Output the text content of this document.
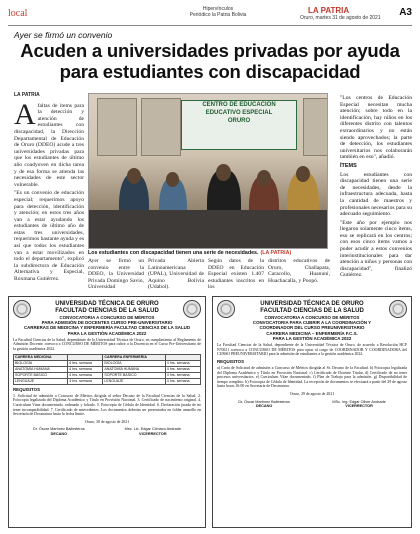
local	Hipervínculos
Periódico la Patria Bolivia	LA PATRIA
Oruro, martes 31 de agosto de 2021 A3
Ayer se firmó un convenio
Acuden a universidades privadas por ayuda para estudiantes con discapacidad
LA PATRIA

Afaltas de items para la detección y atención de estudiantes con discapacidad, la Dirección Departamental de Educación de Oruro (DDEO) acude a tres universidades privadas para que los estudiantes de último año coadyuven en dicha tarea y de esa forma se atienda las necesidades de este sector vulnerable.

"Es un convenio de educación especial; requerimos apoyo para detección, identificación y atención; en estos tres años van a estar ayudando los estudiantes de último año de estas tres universidades, requerimos bastante ayuda y es así que todos los estudiantes van a estar movilizados en todo el departamento", explicó la subdirectora de Educación Alternativa y Especial, Roxmana Gutiérrez.

CENTRO DE EDUCACIÓN
EDUCATIVO ESPECIAL
ORURO
Los estudiantes con discapacidad tienen una serie de necesidades. (LA PATRIA)

Ayer se firmó un convenio entre la DDEO, la Universidad Privada Domingo Savio, Universidad

Privada Abierta Latinoamericana (UPAL), Universidad de Aquino Bolivia (Udabol).

Según datos de la DDEO en Educación Especial existen 1.407 estudiantes inscritos en los

distritos educativos de Oruro, Challapata, Caracollo, Huanuni, Huachacalla, y Poopó.

"Los centros de Educación Especial necesitan mucha atención; sobre todo en la identificación, hay niños en los diferentes distrito con talentos extraordinarios y no están siendo aprovechados; la parte de detección, los estudiantes universitarios nos colaborarán también en eso", añadió.

ÍTEMS

Los estudiantes con discapacidad tienen una serie de necesidades, desde la infraestructura adecuada, hasta la cantidad de maestros y profesionales necesarios para su adecuado seguimiento.

"Este año por ejemplo nos llegaron solamente cinco ítems, eso se replicará en los centros; con esos cinco ítems vamos a poder acudir a estos convenios interinstitucionales para dar atención a niños y personas con discapacidad", finalizó Gutiérrez.

UNIVERSIDAD TÉCNICA DE ORURO
FACULTAD CIENCIAS DE LA SALUD
CONVOCATORIA A CONCURSO DE MÉRITOS
PARA ADMISIÓN DE DOCENTES CURSO PRE-UNIVERSITARIO
CARRERAS DE MEDICINA Y ENFERMERÍA FACULTAD CIENCIAS DE LA SALUD
PARA LA GESTIÓN ACADÉMICA 2022
La Facultad Ciencias de la Salud, dependiente de la Universidad Técnica de Oruro, en cumplimiento al Reglamento de Admisión Docente, convoca a CONCURSO DE MÉRITOS para cubrir a la Docencia en el Curso Pre-Universitario de la gestión académica 2022.
CARRERA MEDICINA		CARRERA ENFERMERÍA	
BIOLOGÍA	4 hrs. semana	BIOLOGÍA	4 hrs. semana
ANATOMÍA HUMANA	4 hrs. semana	ANATOMÍA HUMANA	4 hrs. semana
SOPORTE BÁSICO	4 hrs. semana	SOPORTE BÁSICO	4 hrs. semana
LENGUAJE	4 hrs. semana	LENGUAJE	4 hrs. semana
REQUISITOS
1. Solicitud de admisión a Concurso de Méritos dirigida al señor Decano de la Facultad Ciencias de la Salud. 2. Fotocopia legalizada del Diploma Académico y Título en Provisión Nacional. 3. Certificado de nacimiento original. 4. Curriculum Vitae documentado, ordenado y foliado. 5. Fotocopia de Cédula de Identidad. 6. Declaración jurada de no tener incompatibilidad. 7. Certificado de antecedentes. Los documentos deberán ser presentados en folder amarillo en Secretaría de Decanatura hasta la fecha límite.
Oruro, 30 de agosto de 2021
Dr. Óscar Martínez Ballesteros
DECANO
Msc. Lic. Edgar Clímaco Andrade
VICERRECTOR
UNIVERSIDAD TÉCNICA DE ORURO
FACULTAD CIENCIAS DE LA SALUD
CONVOCATORIA A CONCURSO DE MÉRITOS
CONVOCATORIA PARA CUBRIR A LA COORDINACIÓN Y
COORDINADOR DEL CURSO PREUNIVERSITARIO
CARRERA MEDICINA – ENFERMERÍA F.C.S.
PARA LA GESTIÓN ACADÉMICA 2022
La Facultad Ciencias de la Salud, dependiente de la Universidad Técnica de Oruro, de acuerdo a Resolución HCF N°0021 convoca a CONCURSO DE MÉRITOS para optar al cargo de COORDINADOR Y COORDINADORA del CURSO PREUNIVERSITARIO para la admisión de estudiantes a la gestión académica 2022.
REQUISITOS
a) Carta de Solicitud de admisión a Concurso de Méritos dirigida al Sr. Decano de la Facultad. b) Fotocopia legalizada del Diploma Académico y Título en Provisión Nacional. c) Certificado de Docente Titular. d) Certificado de no tener procesos universitarios. e) Curriculum Vitae documentado. f) Plan de Trabajo para la admisión. g) Disponibilidad de tiempo completo. h) Fotocopia de Cédula de Identidad. La recepción de documentos se efectuará a partir del 29 de agosto hasta horas 16:00 en Secretaría de Decanatura.
Oruro, 29 de agosto de 2021
Dr. Óscar Martínez Ballesteros
DECANO
MSc. Ing. Edgar Oliver Andrade
VICERRECTOR
